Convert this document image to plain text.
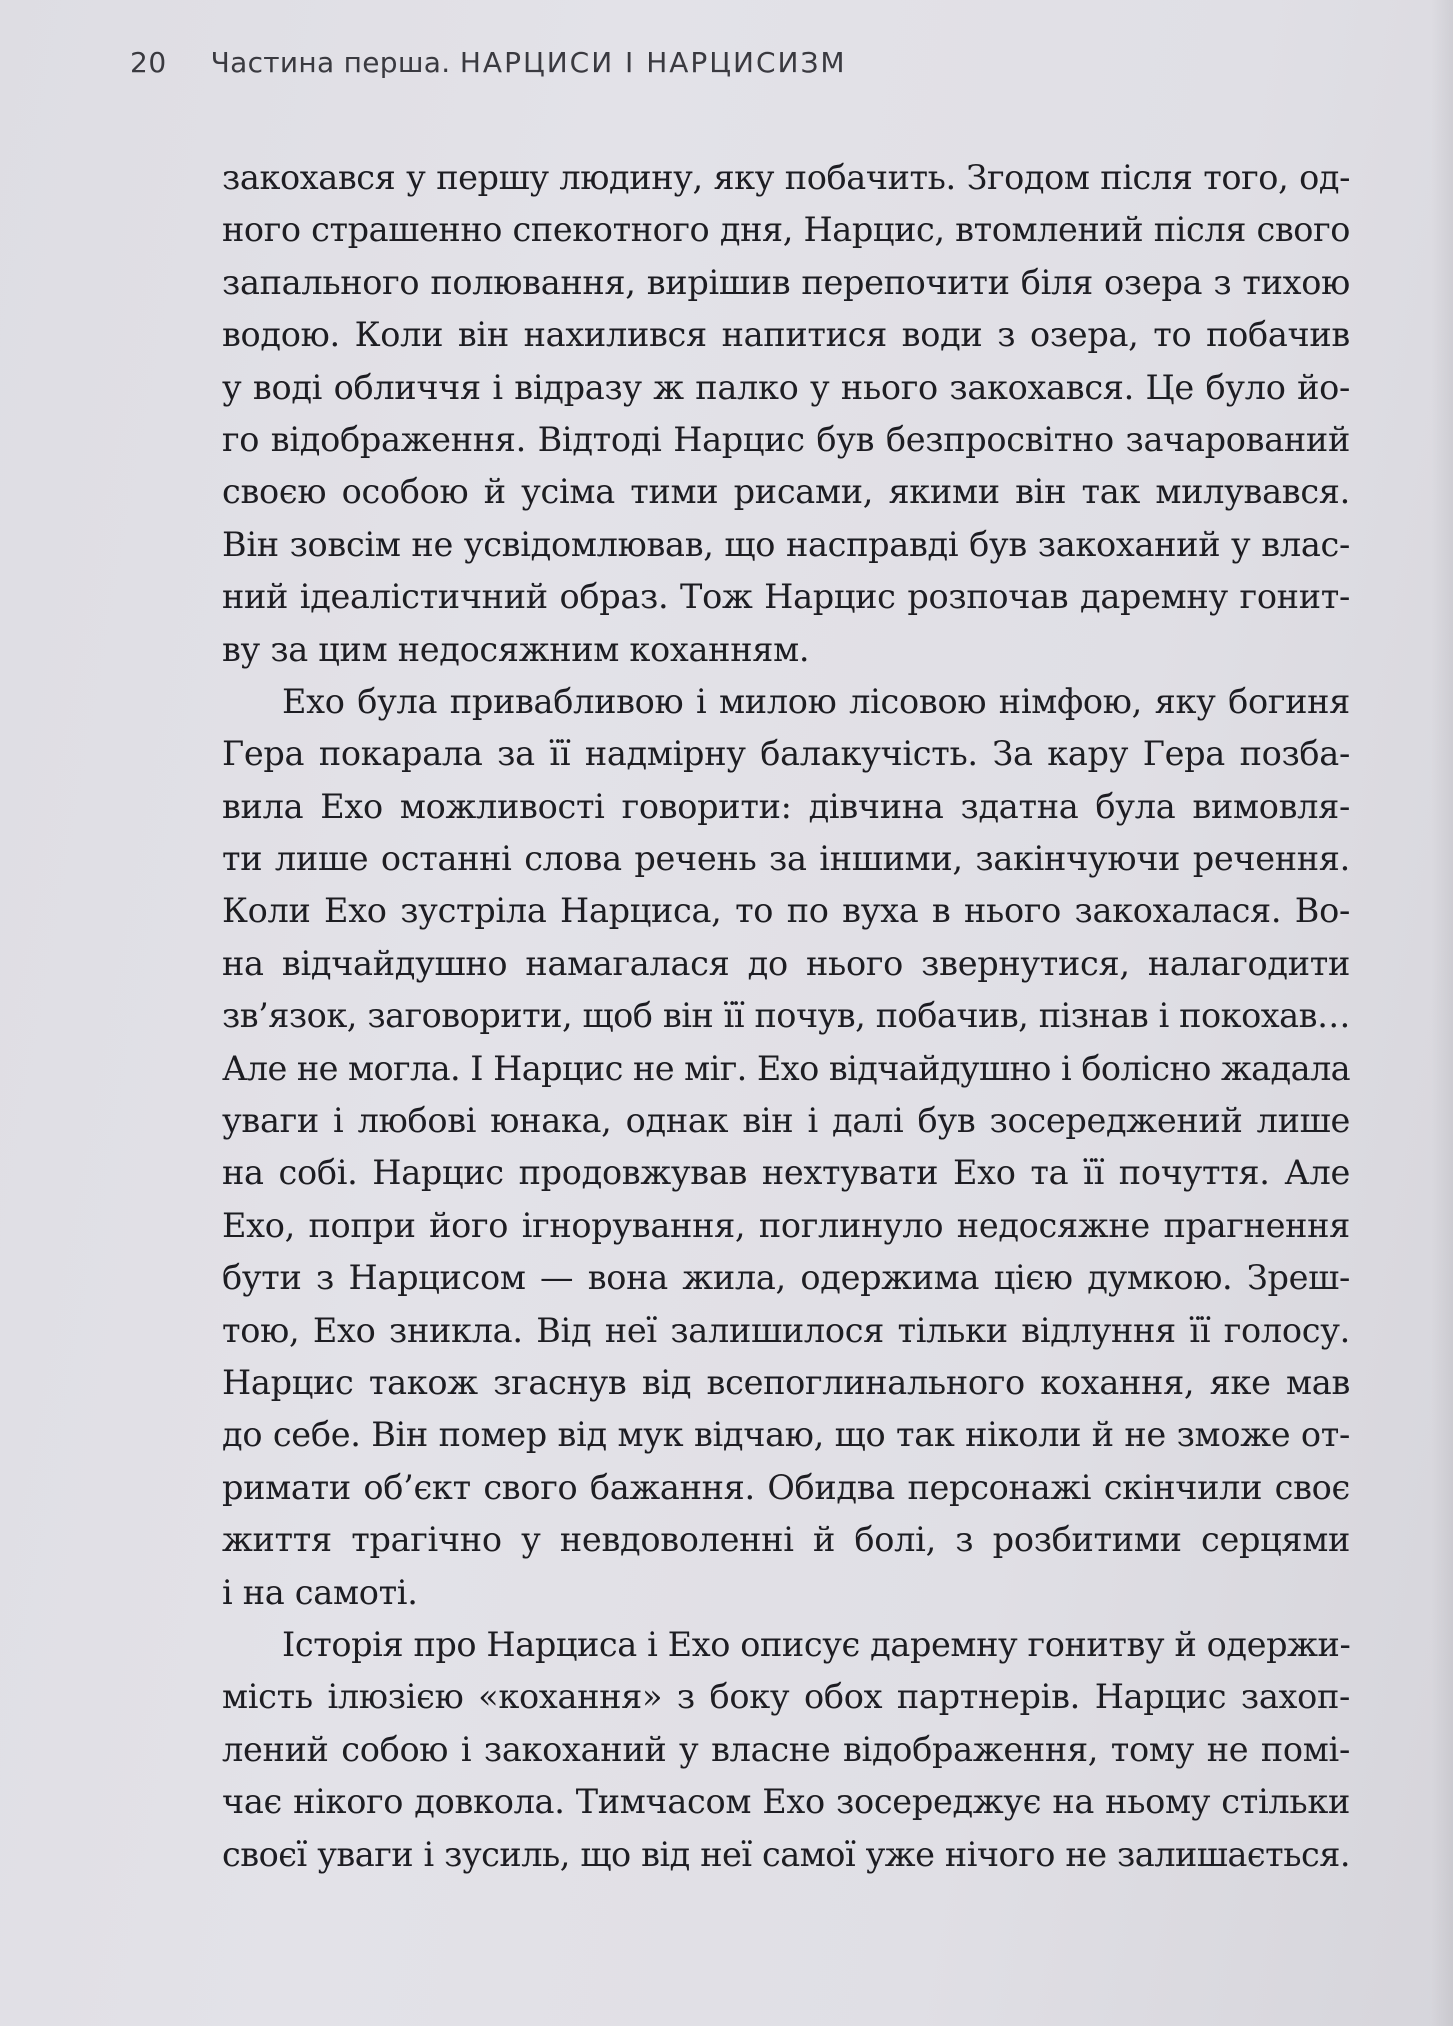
20 Частина перша. НАРЦИСИ І НАРЦИСИЗМ
закохався у першу людину, яку побачить. Згодом після того, од-
ного страшенно спекотного дня, Нарцис, втомлений після свого
запального полювання, вирішив перепочити біля озера з тихою
водою. Коли він нахилився напитися води з озера, то побачив
у воді обличчя і відразу ж палко у нього закохався. Це було йо-
го відображення. Відтоді Нарцис був безпросвітно зачарований
своєю особою й усіма тими рисами, якими він так милувався.
Він зовсім не усвідомлював, що насправді був закоханий у влас-
ний ідеалістичний образ. Тож Нарцис розпочав даремну гонит-
ву за цим недосяжним коханням.
Ехо була привабливою і милою лісовою німфою, яку богиня
Гера покарала за її надмірну балакучість. За кару Гера позба-
вила Ехо можливості говорити: дівчина здатна була вимовля-
ти лише останні слова речень за іншими, закінчуючи речення.
Коли Ехо зустріла Нарциса, то по вуха в нього закохалася. Во-
на відчайдушно намагалася до нього звернутися, налагодити
зв’язок, заговорити, щоб він її почув, побачив, пізнав і покохав…
Але не могла. І Нарцис не міг. Ехо відчайдушно і болісно жадала
уваги і любові юнака, однак він і далі був зосереджений лише
на собі. Нарцис продовжував нехтувати Ехо та її почуття. Але
Ехо, попри його ігнорування, поглинуло недосяжне прагнення
бути з Нарцисом — вона жила, одержима цією думкою. Зреш-
тою, Ехо зникла. Від неї залишилося тільки відлуння її голосу.
Нарцис також згаснув від всепоглинального кохання, яке мав
до себе. Він помер від мук відчаю, що так ніколи й не зможе от-
римати об’єкт свого бажання. Обидва персонажі скінчили своє
життя трагічно у невдоволенні й болі, з розбитими серцями
і на самоті.
Історія про Нарциса і Ехо описує даремну гонитву й одержи-
мість ілюзією «кохання» з боку обох партнерів. Нарцис захоп-
лений собою і закоханий у власне відображення, тому не помі-
чає нікого довкола. Тимчасом Ехо зосереджує на ньому стільки
своєї уваги і зусиль, що від неї самої уже нічого не залишається.
